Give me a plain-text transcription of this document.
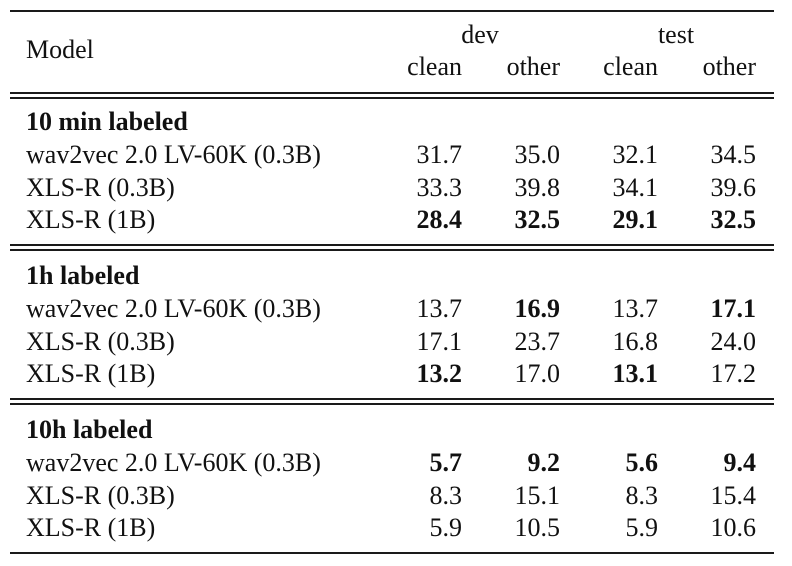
Model
dev	test
clean	other	clean	other
10 min labeled
wav2vec 2.0 LV-60K (0.3B)	31.7	35.0	32.1	34.5
XLS-R (0.3B)	33.3	39.8	34.1	39.6
XLS-R (1B)	28.4	32.5	29.1	32.5
1h labeled
wav2vec 2.0 LV-60K (0.3B)	13.7	16.9	13.7	17.1
XLS-R (0.3B)	17.1	23.7	16.8	24.0
XLS-R (1B)	13.2	17.0	13.1	17.2
10h labeled
wav2vec 2.0 LV-60K (0.3B)	5.7	9.2	5.6	9.4
XLS-R (0.3B)	8.3	15.1	8.3	15.4
XLS-R (1B)	5.9	10.5	5.9	10.6
